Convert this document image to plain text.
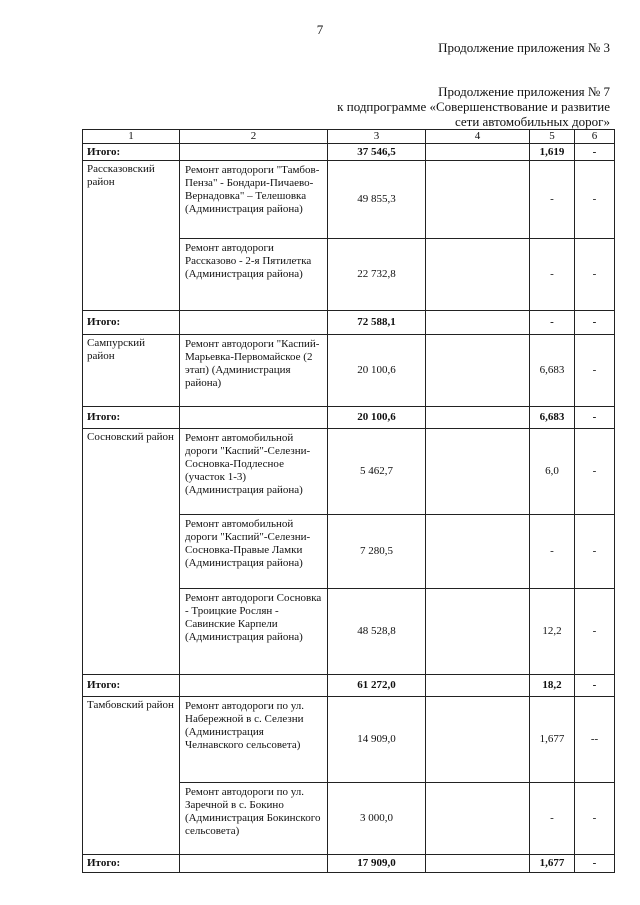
7
Продолжение приложения № 3
Продолжение приложения № 7
к подпрограмме «Совершенствование и развитие
сети автомобильных дорог»
1	2	3	4	5	6
Итого:		37 546,5		1,619	-
Рассказовский район	Ремонт автодороги "Тамбов-Пенза" - Бондари-Пичаево-Вернадовка" – Телешовка (Администрация района)	49 855,3		-	-
	Ремонт автодороги Рассказово - 2-я Пятилетка (Администрация района)	22 732,8		-	-
Итого:		72 588,1		-	-
Сампурский район	Ремонт автодороги "Каспий-Марьевка-Первомайское (2 этап) (Администрация района)	20 100,6		6,683	-
Итого:		20 100,6		6,683	-
Сосновский район	Ремонт автомобильной дороги "Каспий"-Селезни-Сосновка-Подлесное (участок 1-3) (Администрация района)	5 462,7		6,0	-
	Ремонт автомобильной дороги "Каспий"-Селезни-Сосновка-Правые Ламки (Администрация района)	7 280,5		-	-
	Ремонт автодороги Сосновка - Троицкие Рослян - Савинские Карпели (Администрация района)	48 528,8		12,2	-
Итого:		61 272,0		18,2	-
Тамбовский район	Ремонт автодороги по ул. Набережной в с. Селезни (Администрация Челнавского сельсовета)	14 909,0		1,677	--
	Ремонт автодороги по ул. Заречной в с. Бокино (Администрация Бокинского сельсовета)	3 000,0		-	-
Итого:		17 909,0		1,677	-
